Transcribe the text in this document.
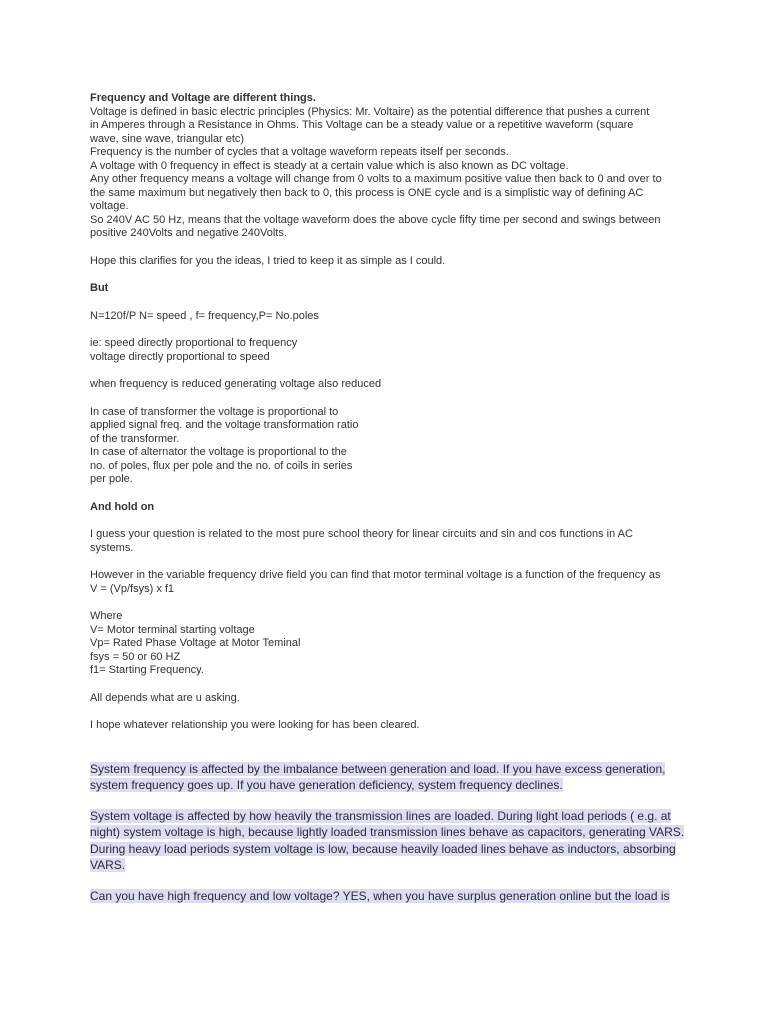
Frequency and Voltage are different things.
Voltage is defined in basic electric principles (Physics: Mr. Voltaire) as the potential difference that pushes a current
in Amperes through a Resistance in Ohms. This Voltage can be a steady value or a repetitive waveform (square
wave, sine wave, triangular etc)
Frequency is the number of cycles that a voltage waveform repeats itself per seconds.
A voltage with 0 frequency in effect is steady at a certain value which is also known as DC voltage.
Any other frequency means a voltage will change from 0 volts to a maximum positive value then back to 0 and over to
the same maximum but negatively then back to 0, this process is ONE cycle and is a simplistic way of defining AC
voltage.
So 240V AC 50 Hz, means that the voltage waveform does the above cycle fifty time per second and swings between
positive 240Volts and negative 240Volts.
Hope this clarifies for you the ideas, I tried to keep it as simple as I could.
But
N=120f/P N= speed , f= frequency,P= No.poles
ie: speed directly proportional to frequency
voltage directly proportional to speed
when frequency is reduced generating voltage also reduced
In case of transformer the voltage is proportional to
applied signal freq. and the voltage transformation ratio
of the transformer.
In case of alternator the voltage is proportional to the
no. of poles, flux per pole and the no. of coils in series
per pole.
And hold on
I guess your question is related to the most pure school theory for linear circuits and sin and cos functions in AC
systems.
However in the variable frequency drive field you can find that motor terminal voltage is a function of the frequency as
V = (Vp/fsys) x f1
Where
V= Motor terminal starting voltage
Vp= Rated Phase Voltage at Motor Teminal
fsys = 50 or 60 HZ
f1= Starting Frequency.
All depends what are u asking.
I hope whatever relationship you were looking for has been cleared.
System frequency is affected by the imbalance between generation and load. If you have excess generation,
system frequency goes up. If you have generation deficiency, system frequency declines.
System voltage is affected by how heavily the transmission lines are loaded. During light load periods ( e.g. at
night) system voltage is high, because lightly loaded transmission lines behave as capacitors, generating VARS.
During heavy load periods system voltage is low, because heavily loaded lines behave as inductors, absorbing
VARS.
Can you have high frequency and low voltage? YES, when you have surplus generation online but the load is
